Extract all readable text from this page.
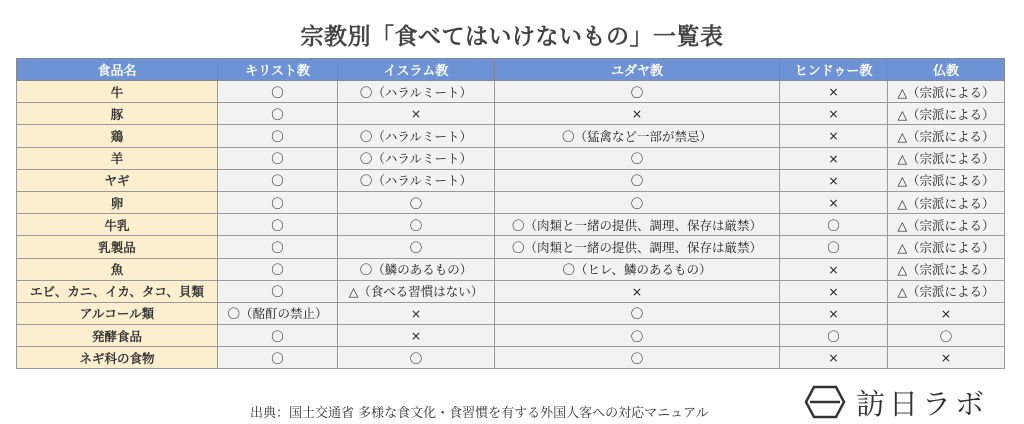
宗教別「食べてはいけないもの」一覧表
食品名	キリスト教	イスラム教	ユダヤ教	ヒンドゥー教	仏教
牛	〇	〇（ハラルミート）	〇	×	△（宗派による）
豚	〇	×	×	×	△（宗派による）
鶏	〇	〇（ハラルミート）	〇（猛禽など一部が禁忌）	×	△（宗派による）
羊	〇	〇（ハラルミート）	〇	×	△（宗派による）
ヤギ	〇	〇（ハラルミート）	〇	×	△（宗派による）
卵	〇	〇	〇	×	△（宗派による）
牛乳	〇	〇	〇（肉類と一緒の提供、調理、保存は厳禁）	〇	△（宗派による）
乳製品	〇	〇	〇（肉類と一緒の提供、調理、保存は厳禁）	〇	△（宗派による）
魚	〇	〇（鱗のあるもの）	〇（ヒレ、鱗のあるもの）	×	△（宗派による）
エビ、カニ、イカ、タコ、貝類	〇	△（食べる習慣はない）	×	×	△（宗派による）
アルコール類	〇（酩酊の禁止）	×	〇	×	×
発酵食品	〇	×	〇	〇	〇
ネギ科の食物	〇	〇	〇	×	×
出典：国土交通省 多様な食文化・食習慣を有する外国人客への対応マニュアル	訪日ラボ
